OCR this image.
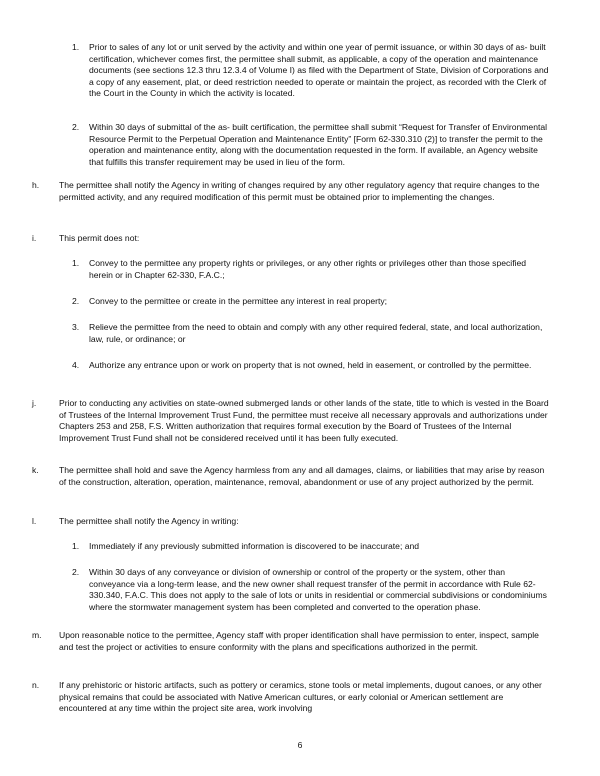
1. Prior to sales of any lot or unit served by the activity and within one year of permit issuance, or within 30 days of as- built certification, whichever comes first, the permittee shall submit, as applicable, a copy of the operation and maintenance documents (see sections 12.3 thru 12.3.4 of Volume I) as filed with the Department of State, Division of Corporations and a copy of any easement, plat, or deed restriction needed to operate or maintain the project, as recorded with the Clerk of the Court in the County in which the activity is located.
2. Within 30 days of submittal of the as- built certification, the permittee shall submit “Request for Transfer of Environmental Resource Permit to the Perpetual Operation and Maintenance Entity” [Form 62-330.310 (2)] to transfer the permit to the operation and maintenance entity, along with the documentation requested in the form. If available, an Agency website that fulfills this transfer requirement may be used in lieu of the form.
h. The permittee shall notify the Agency in writing of changes required by any other regulatory agency that require changes to the permitted activity, and any required modification of this permit must be obtained prior to implementing the changes.
i.	This permit does not:
1. Convey to the permittee any property rights or privileges, or any other rights or privileges other than those specified herein or in Chapter 62-330, F.A.C.;
2. Convey to the permittee or create in the permittee any interest in real property;
3. Relieve the permittee from the need to obtain and comply with any other required federal, state, and local authorization, law, rule, or ordinance; or
4. Authorize any entrance upon or work on property that is not owned, held in easement, or controlled by the permittee.
j.	Prior to conducting any activities on state-owned submerged lands or other lands of the state, title to which is vested in the Board of Trustees of the Internal Improvement Trust Fund, the permittee must receive all necessary approvals and authorizations under Chapters 253 and 258, F.S. Written authorization that requires formal execution by the Board of Trustees of the Internal Improvement Trust Fund shall not be considered received until it has been fully executed.
k. The permittee shall hold and save the Agency harmless from any and all damages, claims, or liabilities that may arise by reason of the construction, alteration, operation, maintenance, removal, abandonment or use of any project authorized by the permit.
l.	The permittee shall notify the Agency in writing:
1. Immediately if any previously submitted information is discovered to be inaccurate; and
2. Within 30 days of any conveyance or division of ownership or control of the property or the system, other than conveyance via a long-term lease, and the new owner shall request transfer of the permit in accordance with Rule 62-330.340, F.A.C. This does not apply to the sale of lots or units in residential or commercial subdivisions or condominiums where the stormwater management system has been completed and converted to the operation phase.
m. Upon reasonable notice to the permittee, Agency staff with proper identification shall have permission to enter, inspect, sample and test the project or activities to ensure conformity with the plans and specifications authorized in the permit.
n. If any prehistoric or historic artifacts, such as pottery or ceramics, stone tools or metal implements, dugout canoes, or any other physical remains that could be associated with Native American cultures, or early colonial or American settlement are encountered at any time within the project site area, work involving
6
